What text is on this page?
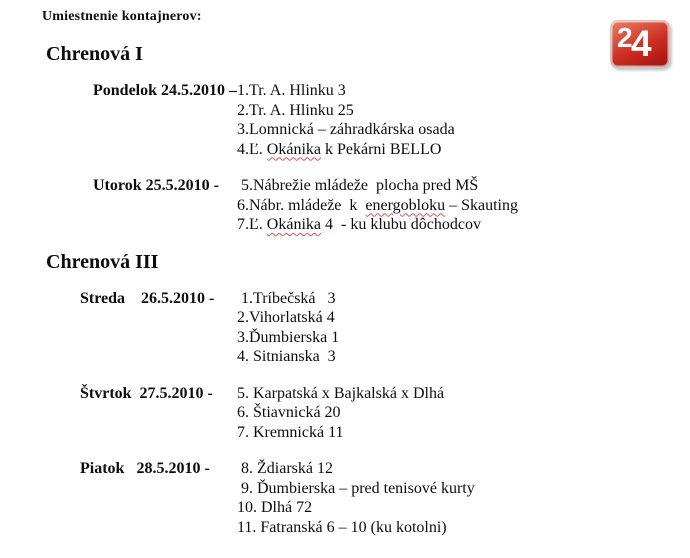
Umiestnenie kontajnerov:
2
4
Chrenová I
Pondelok 24.5.2010 – 1.Tr. A. Hlinku 3
2.Tr. A. Hlinku 25
3.Lomnická – záhradkárska osada
4.Ľ. Okánika k Pekárni BELLO
Utorok 25.5.2010 -	5.Nábrežie mládeže  plocha pred MŠ
6.Nábr. mládeže  k  energobloku – Skauting
7.Ľ. Okánika 4  - ku klubu dôchodcov
Chrenová III
Streda    26.5.2010 -	1.Tríbečská   3
2.Vihorlatská 4
3.Ďumbierska 1
4. Sitnianska  3
Štvrtok  27.5.2010 -	5. Karpatská x Bajkalská x Dlhá
6. Štiavnická 20
7. Kremnická 11
Piatok   28.5.2010 -	8. Ždiarská 12
9. Ďumbierska – pred tenisové kurty
10. Dlhá 72
11. Fatranská 6 – 10 (ku kotolni)
